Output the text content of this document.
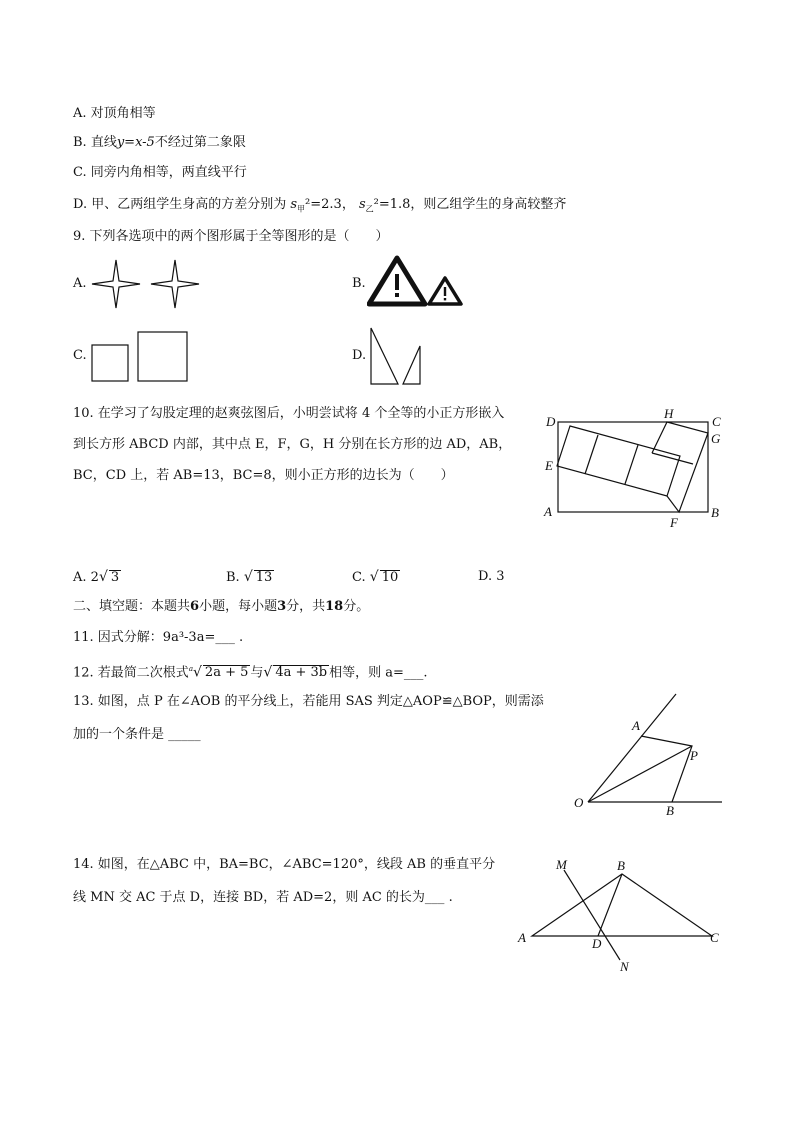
A. 对顶角相等
B. 直线y=x-5不经过第二象限
C. 同旁内角相等，两直线平行
D. 甲、乙两组学生身高的方差分别为 $s_甲^2=2.3$， $s_乙^2=1.8$，则乙组学生的身高较整齐
9. 下列各选项中的两个图形属于全等图形的是（　　）
A.	B.
C.	D.
10. 在学习了勾股定理的赵爽弦图后，小明尝试将 4 个全等的小正方形嵌入
到长方形 ABCD 内部，其中点 E，F，G，H 分别在长方形的边 AD，AB，
BC，CD 上，若 AB=13，BC=8，则小正方形的边长为（　　）
D	C
H
G
E
A	B
F
A. 2√ 3	B. √ 13	C. √ 10	D. 3
二、填空题：本题共6小题，每小题3分，共18分。
11. 因式分解：9a³-3a=___ .
12. 若最简二次根式$^a$√ 2a + 5 与√ 4a + 3b 相等，则 a=___.
13. 如图，点 P 在∠AOB 的平分线上，若能用 SAS 判定△AOP≌△BOP，则需添
加的一个条件是 _____
A
P
O
B
14. 如图，在△ABC 中，BA=BC，∠ABC=120°，线段 AB 的垂直平分
线 MN 交 AC 于点 D，连接 BD，若 AD=2，则 AC 的长为___ .
M	B
A	D	C
N
